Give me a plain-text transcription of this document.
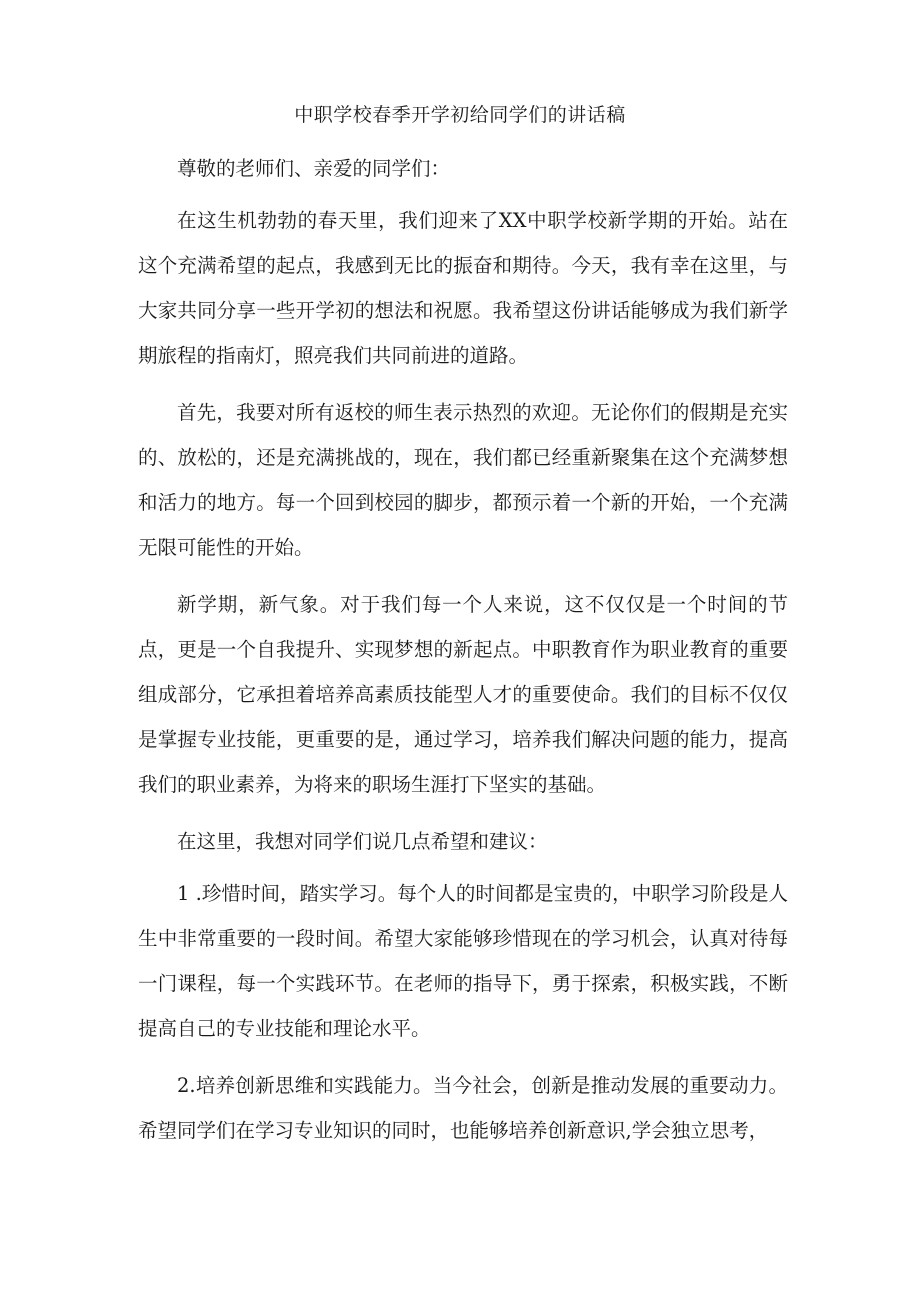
中职学校春季开学初给同学们的讲话稿

尊敬的老师们、亲爱的同学们：

在这生机勃勃的春天里，我们迎来了XX中职学校新学期的开始。站在这个充满希望的起点，我感到无比的振奋和期待。今天，我有幸在这里，与大家共同分享一些开学初的想法和祝愿。我希望这份讲话能够成为我们新学期旅程的指南灯，照亮我们共同前进的道路。

首先，我要对所有返校的师生表示热烈的欢迎。无论你们的假期是充实的、放松的，还是充满挑战的，现在，我们都已经重新聚集在这个充满梦想和活力的地方。每一个回到校园的脚步，都预示着一个新的开始，一个充满无限可能性的开始。

新学期，新气象。对于我们每一个人来说，这不仅仅是一个时间的节点，更是一个自我提升、实现梦想的新起点。中职教育作为职业教育的重要组成部分，它承担着培养高素质技能型人才的重要使命。我们的目标不仅仅是掌握专业技能，更重要的是，通过学习，培养我们解决问题的能力，提高我们的职业素养，为将来的职场生涯打下坚实的基础。

在这里，我想对同学们说几点希望和建议：

1 .珍惜时间，踏实学习。每个人的时间都是宝贵的，中职学习阶段是人生中非常重要的一段时间。希望大家能够珍惜现在的学习机会，认真对待每一门课程，每一个实践环节。在老师的指导下，勇于探索，积极实践，不断提高自己的专业技能和理论水平。

2.培养创新思维和实践能力。当今社会，创新是推动发展的重要动力。希望同学们在学习专业知识的同时，也能够培养创新意识,学会独立思考，
